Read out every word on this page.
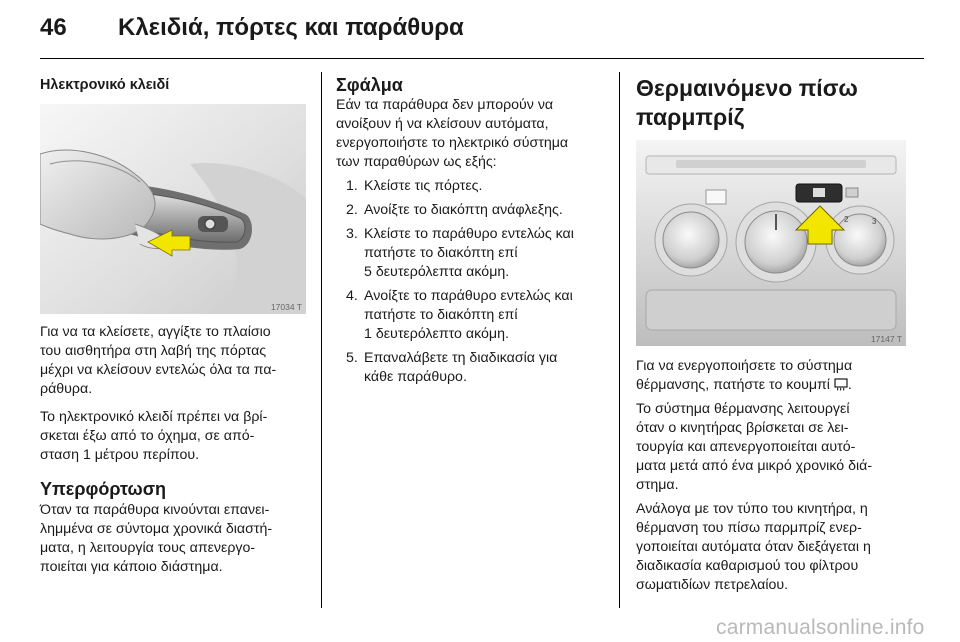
46 Κλειδιά, πόρτες και παράθυρα

Ηλεκτρονικό κλειδί

17034 T

Για να τα κλείσετε, αγγίξτε το πλαίσιο
του αισθητήρα στη λαβή της πόρτας
μέχρι να κλείσουν εντελώς όλα τα πα-
ράθυρα.

Το ηλεκτρονικό κλειδί πρέπει να βρί-
σκεται έξω από το όχημα, σε από-
σταση 1 μέτρου περίπου.

Υπερφόρτωση

Όταν τα παράθυρα κινούνται επανει-
λημμένα σε σύντομα χρονικά διαστή-
ματα, η λειτουργία τους απενεργο-
ποιείται για κάποιο διάστημα.

Σφάλμα

Εάν τα παράθυρα δεν μπορούν να
ανοίξουν ή να κλείσουν αυτόματα,
ενεργοποιήστε το ηλεκτρικό σύστημα
των παραθύρων ως εξής:

1. Κλείστε τις πόρτες.
2. Ανοίξτε το διακόπτη ανάφλεξης.
3. Κλείστε το παράθυρο εντελώς και
πατήστε το διακόπτη επί
5 δευτερόλεπτα ακόμη.
4. Ανοίξτε το παράθυρο εντελώς και
πατήστε το διακόπτη επί
1 δευτερόλεπτο ακόμη.
5. Επαναλάβετε τη διαδικασία για
κάθε παράθυρο.

Θερμαινόμενο πίσω
παρμπρίζ

2	3
17147 T

Για να ενεργοποιήσετε το σύστημα
θέρμανσης, πατήστε το κουμπί .

Το σύστημα θέρμανσης λειτουργεί
όταν ο κινητήρας βρίσκεται σε λει-
τουργία και απενεργοποιείται αυτό-
ματα μετά από ένα μικρό χρονικό διά-
στημα.

Ανάλογα με τον τύπο του κινητήρα, η
θέρμανση του πίσω παρμπρίζ ενερ-
γοποιείται αυτόματα όταν διεξάγεται η
διαδικασία καθαρισμού του φίλτρου
σωματιδίων πετρελαίου.

carmanualsonline.info
